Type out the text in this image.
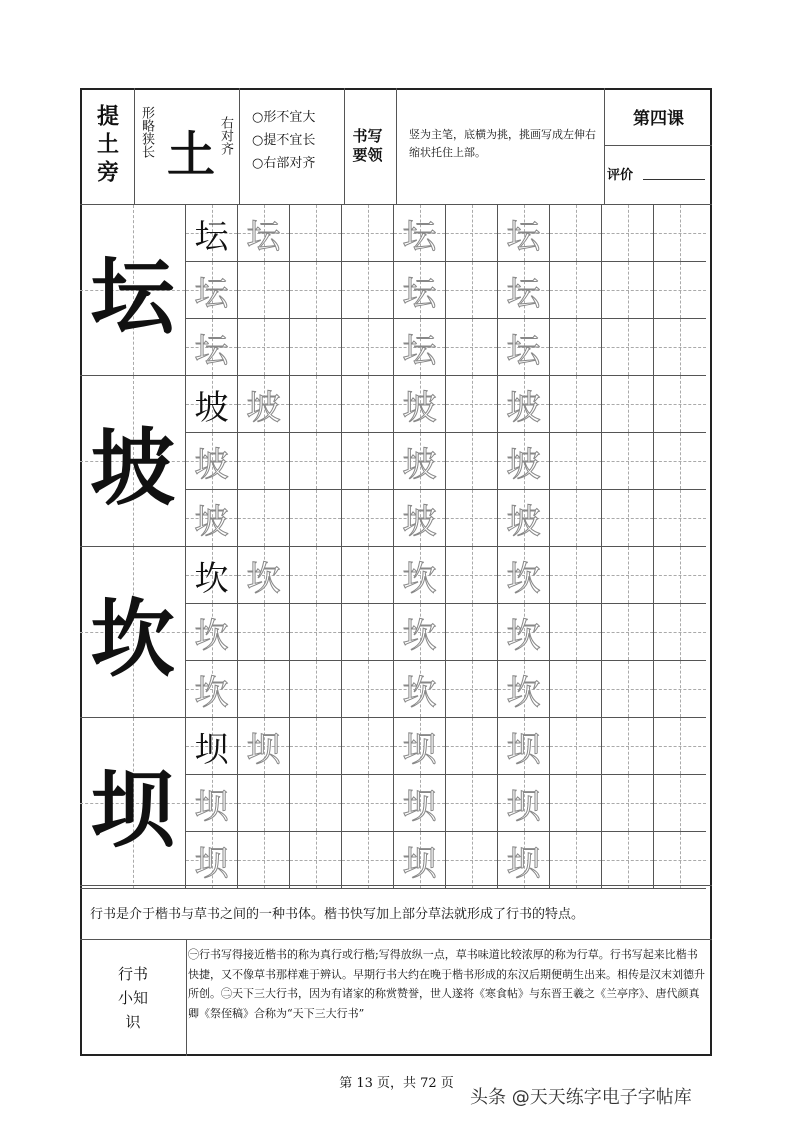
提土旁 形略狭长 土 右对齐 ○形不宜大
○提不宜长
○右部对齐
书写要领
竖为主笔，底横为挑，挑画写成左伸右缩状托住上部。
第四课
评价
坛
坛 坛	坛 坛
坛	坛 坛
坛	坛 坛
坡
坡 坡	坡 坡
坡	坡 坡
坡	坡 坡
坎
坎 坎	坎 坎
坎	坎 坎
坎	坎 坎
坝
坝 坝	坝 坝
坝	坝 坝
坝	坝 坝
行书是介于楷书与草书之间的一种书体。楷书快写加上部分草法就形成了行书的特点。
行书小知识
㊀行书写得接近楷书的称为真行或行楷;写得放纵一点，草书味道比较浓厚的称为行草。行书写起来比楷书快捷，又不像草书那样难于辨认。早期行书大约在晚于楷书形成的东汉后期便萌生出来。相传是汉末刘德升所创。㊁天下三大行书，因为有诸家的称赏赞誉，世人遂将《寒食帖》与东晋王羲之《兰亭序》、唐代颜真卿《祭侄稿》合称为“天下三大行书”
第 13 页，共 72 页
头条 @天天练字电子字帖库
